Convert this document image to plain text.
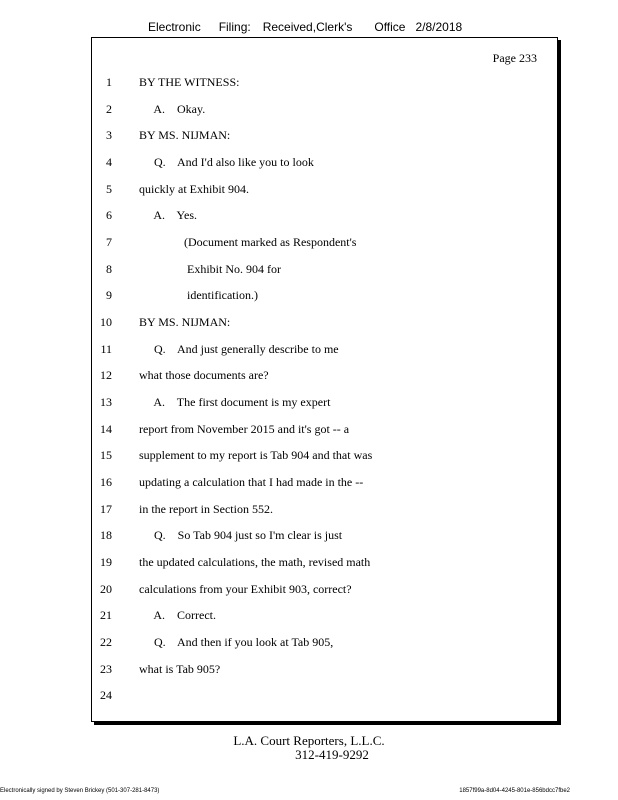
Electronic Filing: Received,Clerk's Office 2/8/2018
Page 233
1 BY THE WITNESS:
2 A.    Okay.
3 BY MS. NIJMAN:
4 Q.    And I'd also like you to look
5 quickly at Exhibit 904.
6 A.    Yes.
7 (Document marked as Respondent's
8 Exhibit No. 904 for
9 identification.)
10 BY MS. NIJMAN:
11 Q.    And just generally describe to me
12 what those documents are?
13 A.    The first document is my expert
14 report from November 2015 and it's got -- a
15 supplement to my report is Tab 904 and that was
16 updating a calculation that I had made in the --
17 in the report in Section 552.
18 Q.    So Tab 904 just so I'm clear is just
19 the updated calculations, the math, revised math
20 calculations from your Exhibit 903, correct?
21 A.    Correct.
22 Q.    And then if you look at Tab 905,
23 what is Tab 905?
24
L.A. Court Reporters, L.L.C.
312-419-9292
Electronically signed by Steven Brickey (501-307-281-8473)	1857f99a-8d04-4245-801e-856bdcc7fbe2
